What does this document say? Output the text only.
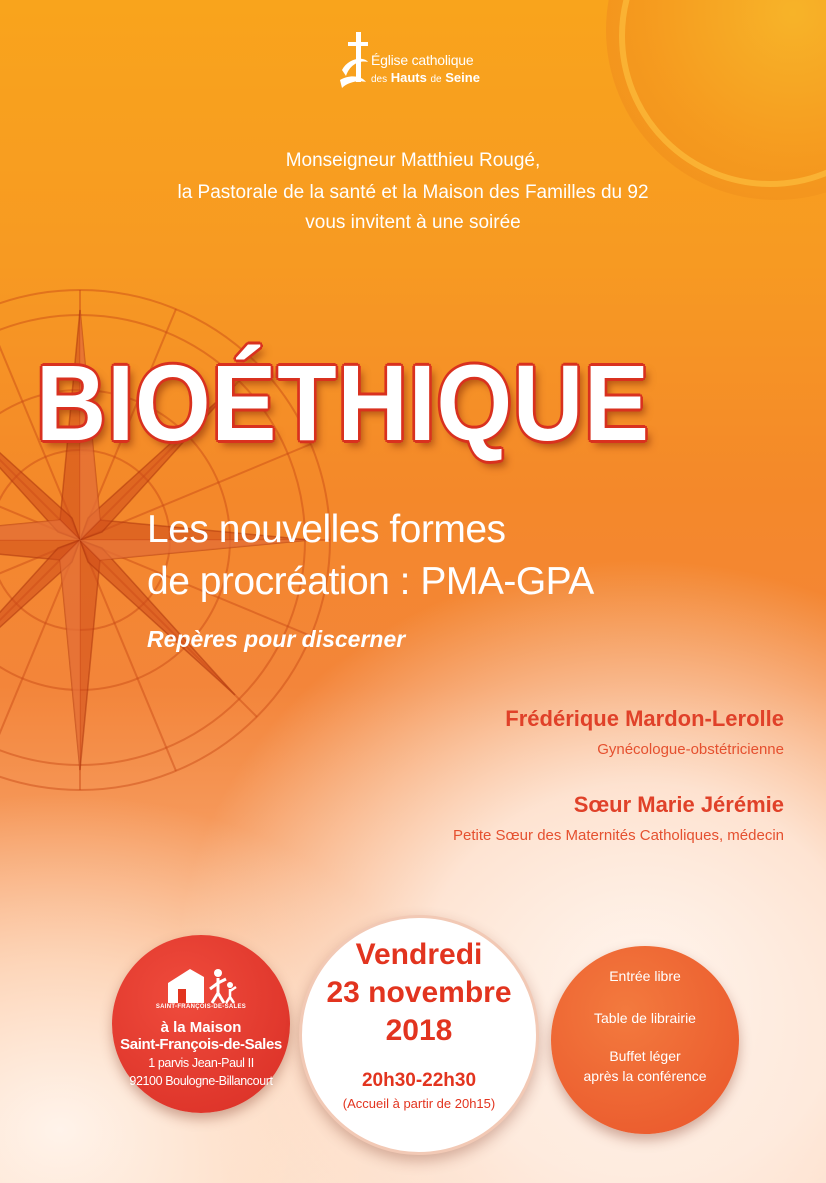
Église catholique
des Hauts de Seine
Monseigneur Matthieu Rougé,
la Pastorale de la santé et la Maison des Familles du 92
vous invitent à une soirée
BIOÉTHIQUE
Les nouvelles formes
de procréation : PMA-GPA
Repères pour discerner
Frédérique Mardon-Lerolle
Gynécologue-obstétricienne
Sœur Marie Jérémie
Petite Sœur des Maternités Catholiques, médecin
SAINT-FRANÇOIS-DE-SALES
à la Maison
Saint-François-de-Sales
1 parvis Jean-Paul II
92100 Boulogne-Billancourt
Vendredi
23 novembre
2018
20h30-22h30
(Accueil à partir de 20h15)
Entrée libre
Table de librairie
Buffet léger
après la conférence
